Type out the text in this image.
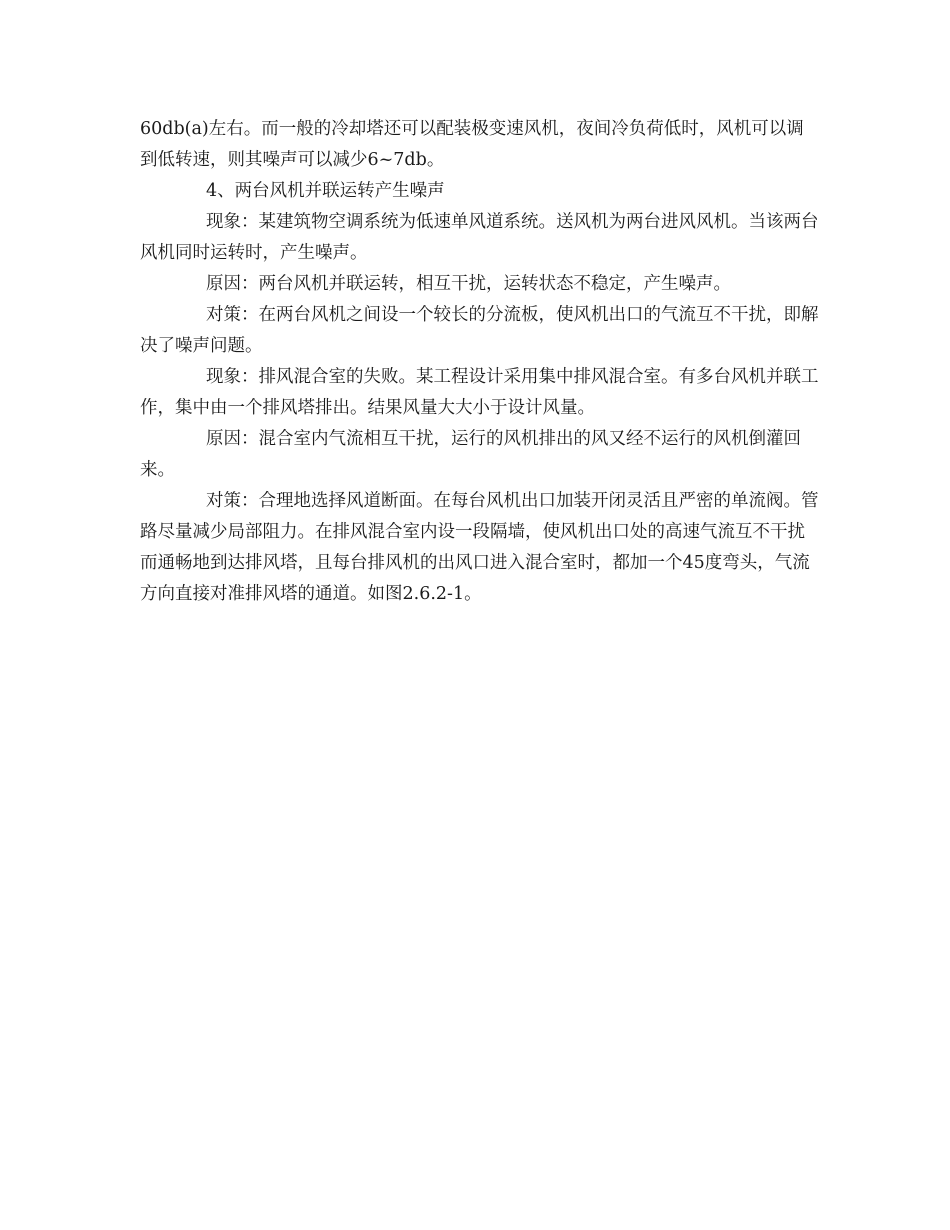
60db(a)左右。而一般的冷却塔还可以配装极变速风机，夜间冷负荷低时，风机可以调到低转速，则其噪声可以减少6~7db。

4、两台风机并联运转产生噪声

现象：某建筑物空调系统为低速单风道系统。送风机为两台进风风机。当该两台风机同时运转时，产生噪声。

原因：两台风机并联运转，相互干扰，运转状态不稳定，产生噪声。

对策：在两台风机之间设一个较长的分流板，使风机出口的气流互不干扰，即解决了噪声问题。

现象：排风混合室的失败。某工程设计采用集中排风混合室。有多台风机并联工作，集中由一个排风塔排出。结果风量大大小于设计风量。

原因：混合室内气流相互干扰，运行的风机排出的风又经不运行的风机倒灌回来。

对策：合理地选择风道断面。在每台风机出口加装开闭灵活且严密的单流阀。管路尽量减少局部阻力。在排风混合室内设一段隔墙，使风机出口处的高速气流互不干扰而通畅地到达排风塔，且每台排风机的出风口进入混合室时，都加一个45度弯头，气流方向直接对准排风塔的通道。如图2.6.2-1。
